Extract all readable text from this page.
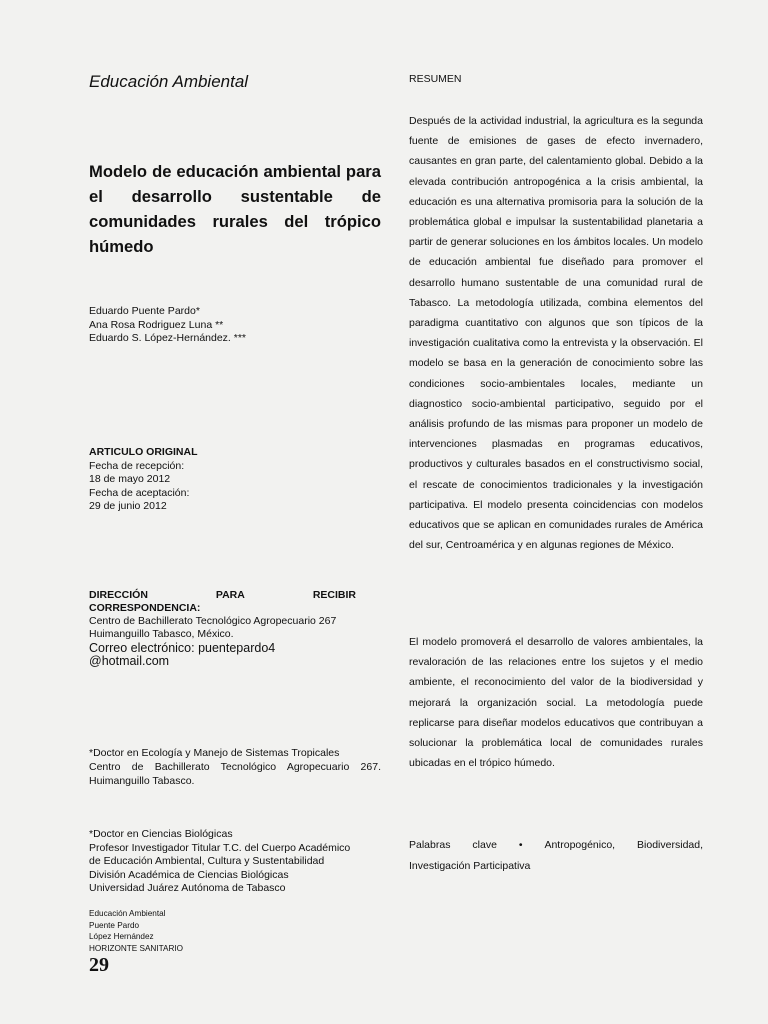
Educación Ambiental
Modelo de educación ambiental para el desarrollo sustentable de comunidades rurales del trópico húmedo
Eduardo Puente Pardo*
Ana Rosa Rodriguez Luna **
Eduardo S. López-Hernández. ***
ARTICULO ORIGINAL
Fecha de recepción:
18 de mayo 2012
Fecha de aceptación:
29 de junio 2012
DIRECCIÓN	PARA	RECIBIR
CORRESPONDENCIA:
Centro de Bachillerato Tecnológico Agropecuario 267
Huimanguillo Tabasco, México.
Correo electrónico: puentepardo4 @hotmail.com
*Doctor en Ecología y Manejo de Sistemas Tropicales
Centro de Bachillerato Tecnológico Agropecuario 267.
Huimanguillo Tabasco.
*Doctor en Ciencias Biológicas
Profesor Investigador Titular T.C. del Cuerpo Académico
de Educación Ambiental, Cultura y Sustentabilidad
División Académica de Ciencias Biológicas
Universidad Juárez Autónoma de Tabasco
Educación Ambiental
Puente Pardo
López Hernández
HORIZONTE SANITARIO
29
RESUMEN
Después de la actividad industrial, la agricultura es la segunda fuente de emisiones de gases de efecto invernadero, causantes en gran parte, del calentamiento global. Debido a la elevada contribución antropogénica a la crisis ambiental, la educación es una alternativa promisoria para la solución de la problemática global e impulsar la sustentabilidad planetaria a partir de generar soluciones en los ámbitos locales. Un modelo de educación ambiental fue diseñado para promover el desarrollo humano sustentable de una comunidad rural de Tabasco. La metodología utilizada, combina elementos del paradigma cuantitativo con algunos que son típicos de la investigación cualitativa como la entrevista y la observación. El modelo se basa en la generación de conocimiento sobre las condiciones socio-ambientales locales, mediante un diagnostico socio-ambiental participativo, seguido por el análisis profundo de las mismas para proponer un modelo de intervenciones plasmadas en programas educativos, productivos y culturales basados en el constructivismo social, el rescate de conocimientos tradicionales y la investigación participativa. El modelo presenta coincidencias con modelos educativos que se aplican en comunidades rurales de América del sur, Centroamérica y en algunas regiones de México.
El modelo promoverá el desarrollo de valores ambientales, la revaloración de las relaciones entre los sujetos y el medio ambiente, el reconocimiento del valor de la biodiversidad y mejorará la organización social. La metodología puede replicarse para diseñar modelos educativos que contribuyan a solucionar la problemática local de comunidades rurales ubicadas en el trópico húmedo.
Palabras clave • Antropogénico, Biodiversidad,
Investigación Participativa
